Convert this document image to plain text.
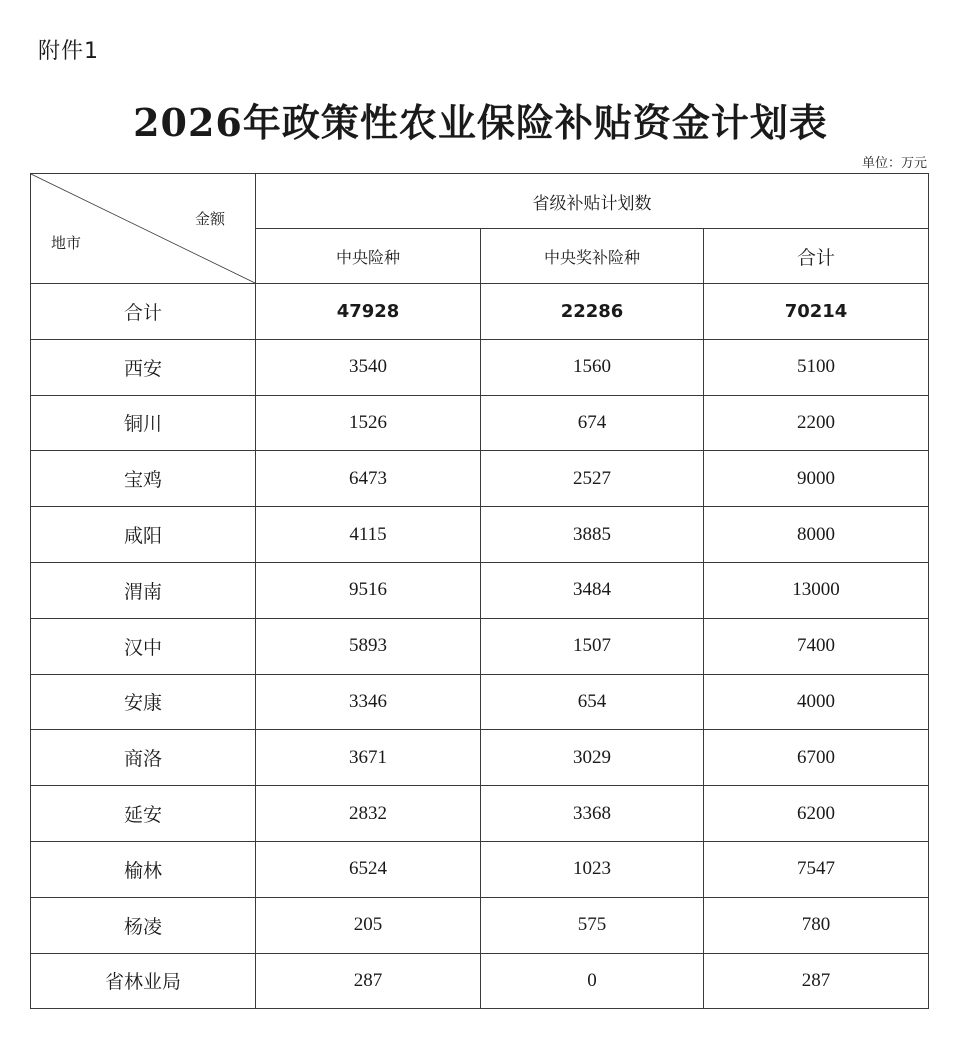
附件1
2026年政策性农业保险补贴资金计划表
单位：万元
金额
地市	省级补贴计划数		
	中央险种	中央奖补险种	合计
合计	47928	22286	70214
西安	3540	1560	5100
铜川	1526	674	2200
宝鸡	6473	2527	9000
咸阳	4115	3885	8000
渭南	9516	3484	13000
汉中	5893	1507	7400
安康	3346	654	4000
商洛	3671	3029	6700
延安	2832	3368	6200
榆林	6524	1023	7547
杨凌	205	575	780
省林业局	287	0	287
